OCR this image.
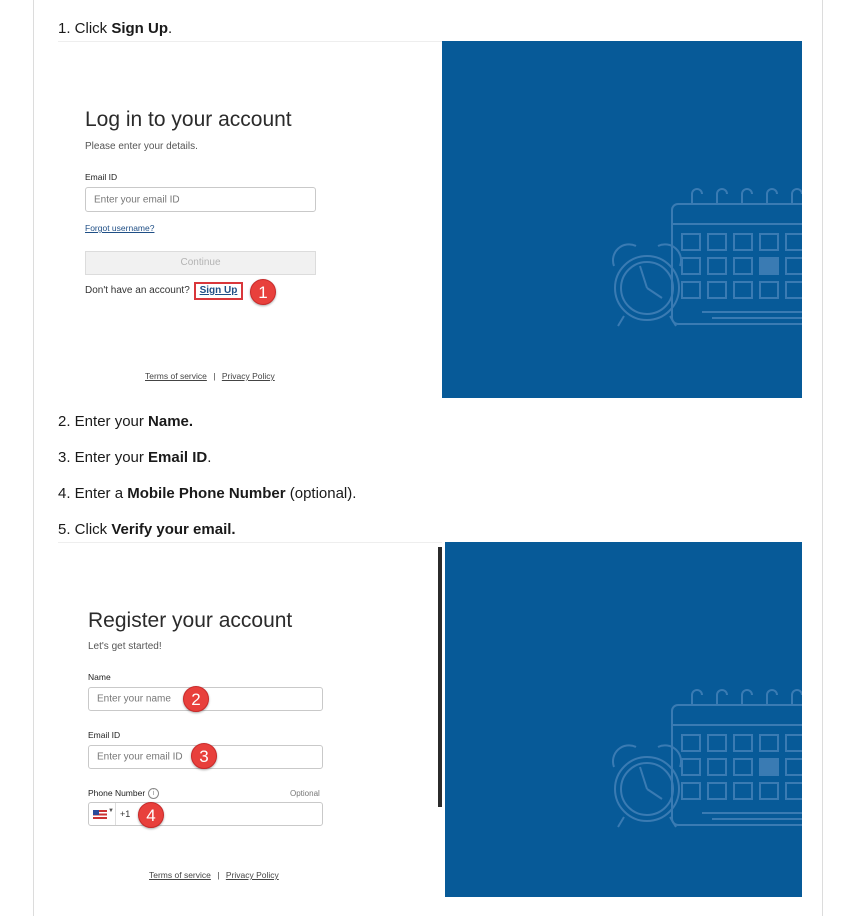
1. Click Sign Up.
Log in to your account
Please enter your details.
Email ID
Enter your email ID
Forgot username?
Continue
Don't have an account? Sign Up	1
Terms of service | Privacy Policy
2. Enter your Name.
3. Enter your Email ID.
4. Enter a Mobile Phone Number (optional).
5. Click Verify your email.
Register your account
Let's get started!
Name
Enter your name	2
Email ID
Enter your email ID 3
Phone Number i	Optional
▼ +1 4
Terms of service | Privacy Policy
